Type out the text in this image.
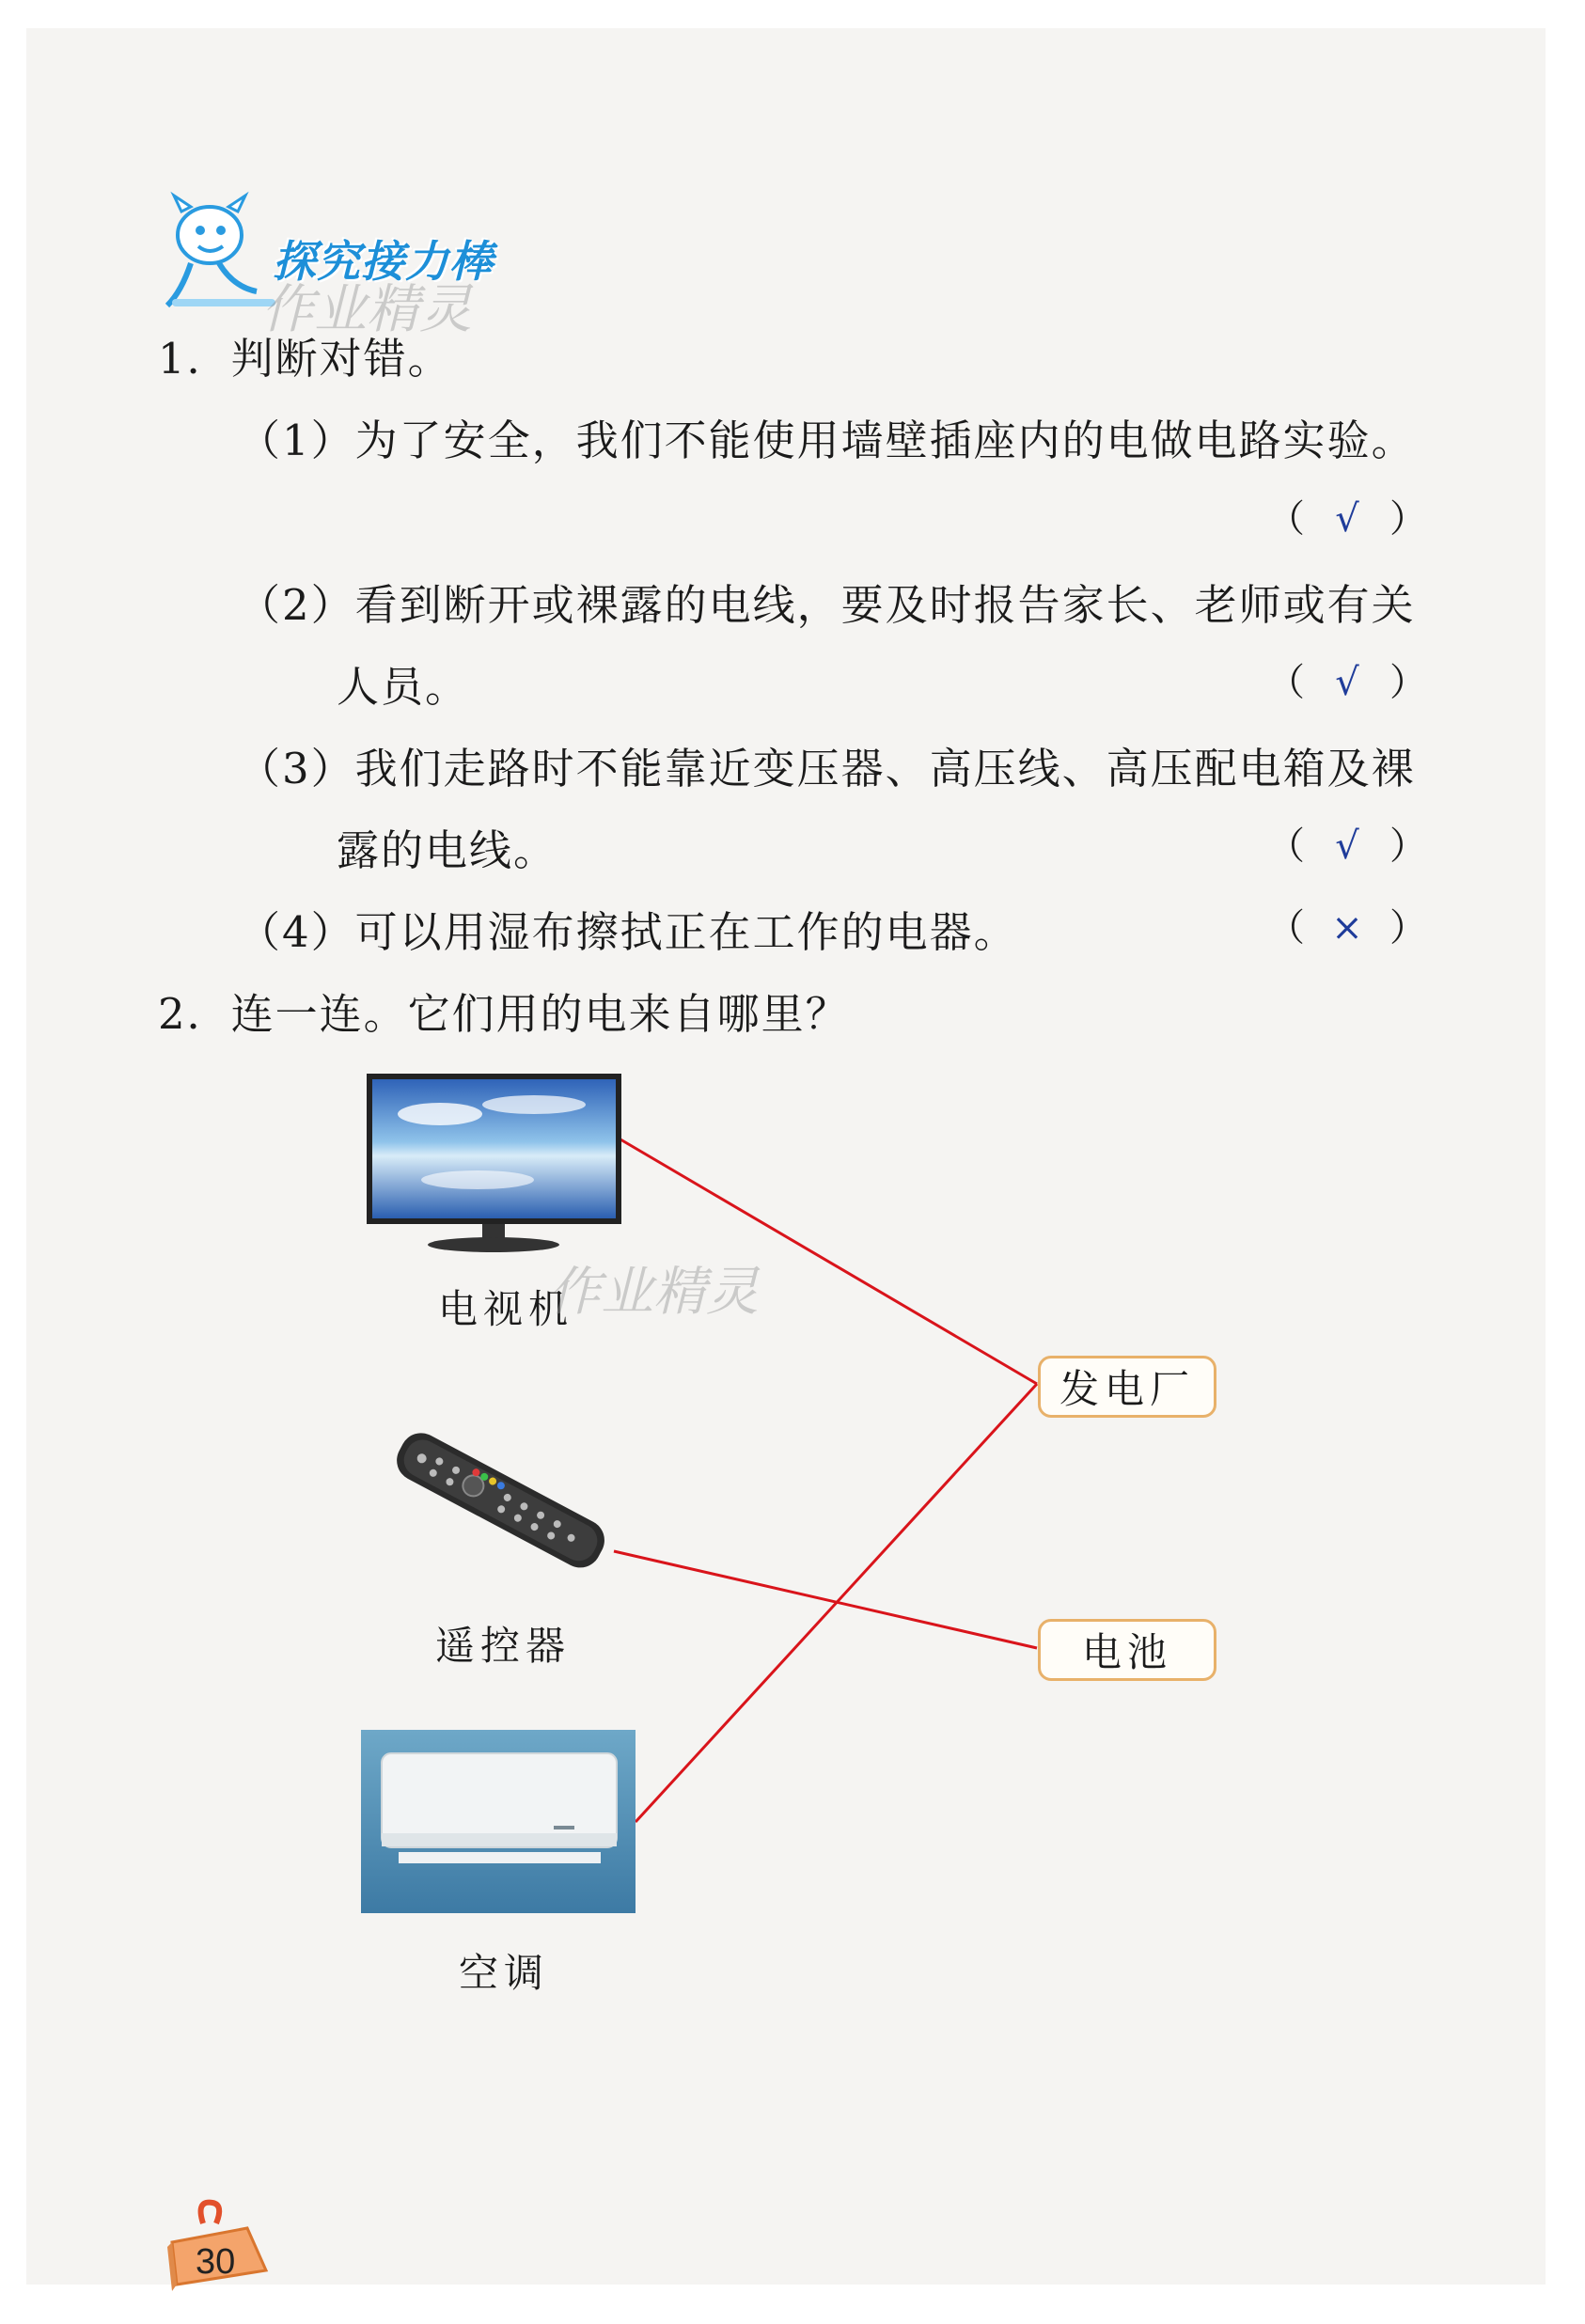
探究接力棒
作业精灵
1．判断对错。
（1）为了安全，我们不能使用墙壁插座内的电做电路实验。
（ √ ）
（2）看到断开或裸露的电线，要及时报告家长、老师或有关
人员。	（ √ ）
（3）我们走路时不能靠近变压器、高压线、高压配电箱及裸
露的电线。	（ √ ）
（4）可以用湿布擦拭正在工作的电器。	（ × ）
2．连一连。它们用的电来自哪里？
电视机
作业精灵
遥控器
空调
发电厂
电池
30
